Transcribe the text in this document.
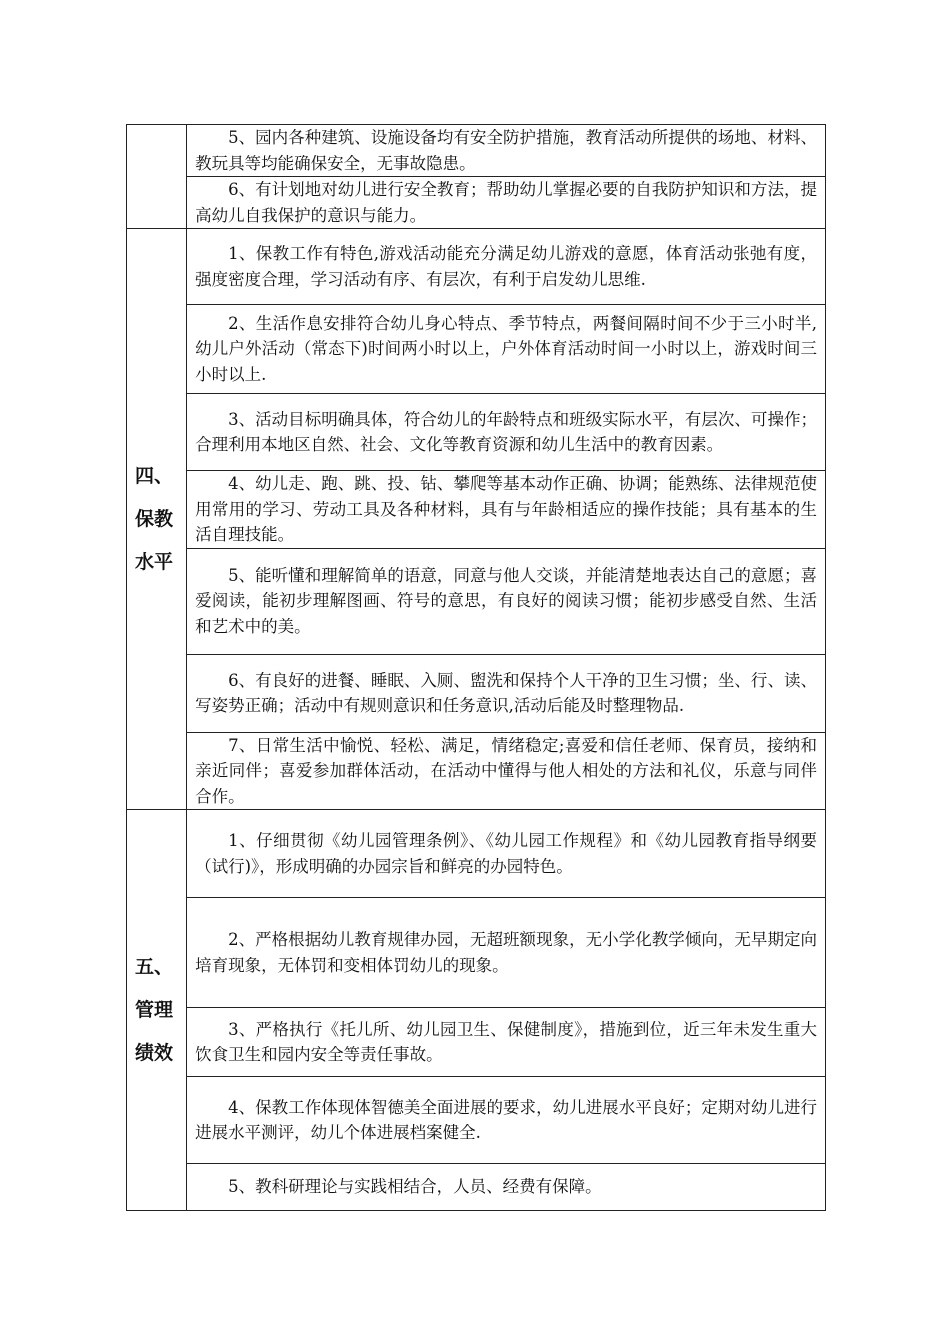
	5、园内各种建筑、设施设备均有安全防护措施，教育活动所提供的场地、材料、教玩具等均能确保安全，无事故隐患。
	6、有计划地对幼儿进行安全教育；帮助幼儿掌握必要的自我防护知识和方法，提高幼儿自我保护的意识与能力。

四、
保教
水平	1、保教工作有特色,游戏活动能充分满足幼儿游戏的意愿，体育活动张弛有度，强度密度合理，学习活动有序、有层次，有利于启发幼儿思维.
	2、生活作息安排符合幼儿身心特点、季节特点，两餐间隔时间不少于三小时半,幼儿户外活动（常态下)时间两小时以上，户外体育活动时间一小时以上，游戏时间三小时以上.
	3、活动目标明确具体，符合幼儿的年龄特点和班级实际水平，有层次、可操作；合理利用本地区自然、社会、文化等教育资源和幼儿生活中的教育因素。
	4、幼儿走、跑、跳、投、钻、攀爬等基本动作正确、协调；能熟练、法律规范使用常用的学习、劳动工具及各种材料，具有与年龄相适应的操作技能；具有基本的生活自理技能。
	5、能听懂和理解简单的语意，同意与他人交谈，并能清楚地表达自己的意愿；喜爱阅读，能初步理解图画、符号的意思，有良好的阅读习惯；能初步感受自然、生活和艺术中的美。
	6、有良好的进餐、睡眠、入厕、盥洗和保持个人干净的卫生习惯；坐、行、读、写姿势正确；活动中有规则意识和任务意识,活动后能及时整理物品.
	7、日常生活中愉悦、轻松、满足，情绪稳定;喜爱和信任老师、保育员，接纳和亲近同伴；喜爱参加群体活动，在活动中懂得与他人相处的方法和礼仪，乐意与同伴合作。

五、
管理
绩效	1、仔细贯彻《幼儿园管理条例》、《幼儿园工作规程》和《幼儿园教育指导纲要（试行)》，形成明确的办园宗旨和鲜亮的办园特色。
	2、严格根据幼儿教育规律办园，无超班额现象，无小学化教学倾向，无早期定向培育现象，无体罚和变相体罚幼儿的现象。
	3、严格执行《托儿所、幼儿园卫生、保健制度》，措施到位，近三年未发生重大饮食卫生和园内安全等责任事故。
	4、保教工作体现体智德美全面进展的要求，幼儿进展水平良好；定期对幼儿进行进展水平测评，幼儿个体进展档案健全.
	5、教科研理论与实践相结合，人员、经费有保障。
